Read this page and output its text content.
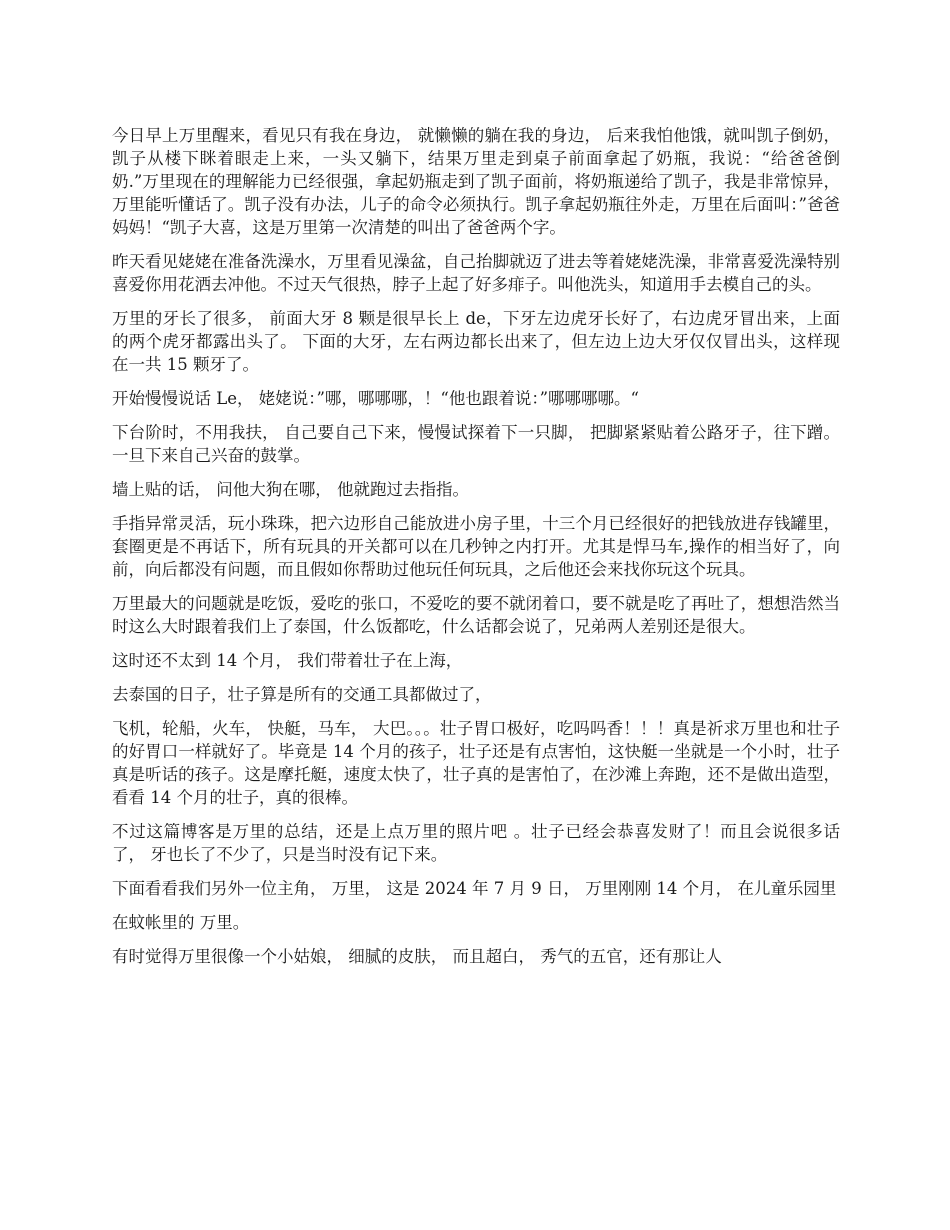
今日早上万里醒来，看见只有我在身边， 就懒懒的躺在我的身边， 后来我怕他饿，就叫凯子倒奶，凯子从楼下眯着眼走上来，一头又躺下，结果万里走到桌子前面拿起了奶瓶，我说：“给爸爸倒奶.”万里现在的理解能力已经很强，拿起奶瓶走到了凯子面前，将奶瓶递给了凯子，我是非常惊异，万里能听懂话了。凯子没有办法，儿子的命令必须执行。凯子拿起奶瓶往外走，万里在后面叫：”爸爸妈妈！“凯子大喜，这是万里第一次清楚的叫出了爸爸两个字。

昨天看见姥姥在准备洗澡水，万里看见澡盆，自己抬脚就迈了进去等着姥姥洗澡，非常喜爱洗澡特别喜爱你用花洒去冲他。不过天气很热，脖子上起了好多痱子。叫他洗头，知道用手去模自己的头。

万里的牙长了很多， 前面大牙 8 颗是很早长上 de，下牙左边虎牙长好了，右边虎牙冒出来，上面的两个虎牙都露出头了。 下面的大牙，左右两边都长出来了，但左边上边大牙仅仅冒出头，这样现在一共 15 颗牙了。

开始慢慢说话 Le， 姥姥说：”哪，哪哪哪，！“他也跟着说：”哪哪哪哪。“

下台阶时，不用我扶， 自己要自己下来，慢慢试探着下一只脚， 把脚紧紧贴着公路牙子，往下蹭。一旦下来自己兴奋的鼓掌。

墙上贴的话， 问他大狗在哪， 他就跑过去指指。

手指异常灵活，玩小珠珠，把六边形自己能放进小房子里，十三个月已经很好的把钱放进存钱罐里，套圈更是不再话下，所有玩具的开关都可以在几秒钟之内打开。尤其是悍马车,操作的相当好了，向前，向后都没有问题，而且假如你帮助过他玩任何玩具，之后他还会来找你玩这个玩具。

万里最大的问题就是吃饭，爱吃的张口，不爱吃的要不就闭着口，要不就是吃了再吐了，想想浩然当时这么大时跟着我们上了泰国，什么饭都吃，什么话都会说了，兄弟两人差别还是很大。

这时还不太到 14 个月， 我们带着壮子在上海，

去泰国的日子，壮子算是所有的交通工具都做过了，

飞机，轮船，火车， 快艇，马车， 大巴。。。壮子胃口极好，吃吗吗香！！！真是祈求万里也和壮子的好胃口一样就好了。毕竟是 14 个月的孩子，壮子还是有点害怕，这快艇一坐就是一个小时，壮子真是听话的孩子。这是摩托艇，速度太快了，壮子真的是害怕了，在沙滩上奔跑，还不是做出造型， 看看 14 个月的壮子，真的很棒。

不过这篇博客是万里的总结，还是上点万里的照片吧 。壮子已经会恭喜发财了！而且会说很多话了， 牙也长了不少了，只是当时没有记下来。

下面看看我们另外一位主角， 万里， 这是 2024 年 7 月 9 日， 万里刚刚 14 个月， 在儿童乐园里

在蚊帐里的 万里。

有时觉得万里很像一个小姑娘， 细腻的皮肤， 而且超白， 秀气的五官，还有那让人
